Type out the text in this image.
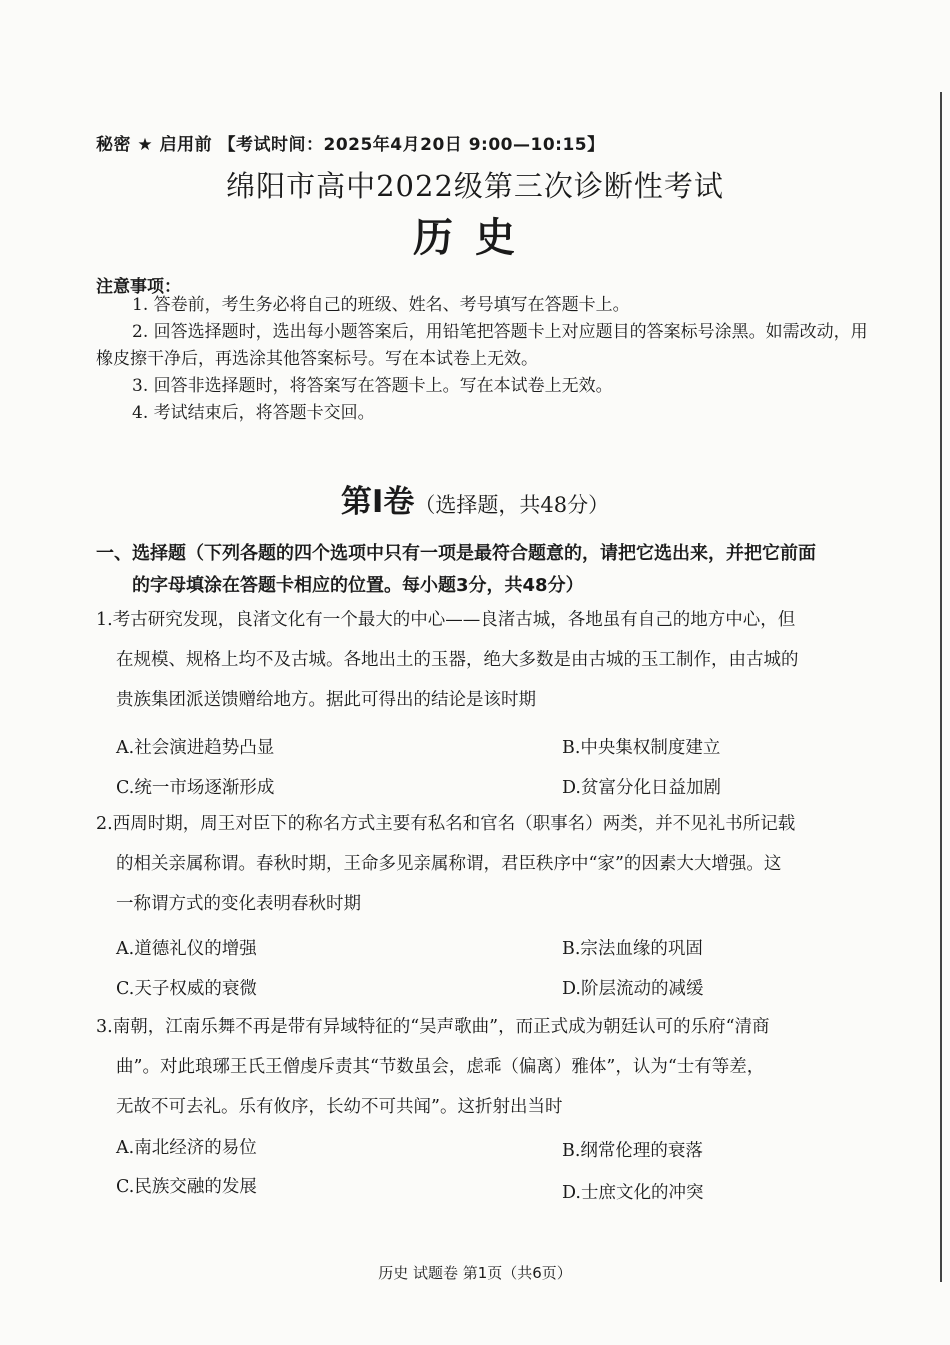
秘密 ★ 启用前 【考试时间：2025年4月20日 9:00—10:15】
绵阳市高中2022级第三次诊断性考试
历史
注意事项：

1. 答卷前，考生务必将自己的班级、姓名、考号填写在答题卡上。

2. 回答选择题时，选出每小题答案后，用铅笔把答题卡上对应题目的答案标号涂黑。如需改动，用橡皮擦干净后，再选涂其他答案标号。写在本试卷上无效。

3. 回答非选择题时，将答案写在答题卡上。写在本试卷上无效。

4. 考试结束后，将答题卡交回。

第Ⅰ卷（选择题，共48分）
一、选择题（下列各题的四个选项中只有一项是最符合题意的，请把它选出来，并把它前面
的字母填涂在答题卡相应的位置。每小题3分，共48分）
1.考古研究发现，良渚文化有一个最大的中心——良渚古城，各地虽有自己的地方中心，但
在规模、规格上均不及古城。各地出土的玉器，绝大多数是由古城的玉工制作，由古城的
贵族集团派送馈赠给地方。据此可得出的结论是该时期
A.社会演进趋势凸显	B.中央集权制度建立
C.统一市场逐渐形成	D.贫富分化日益加剧
2.西周时期，周王对臣下的称名方式主要有私名和官名（职事名）两类，并不见礼书所记载
的相关亲属称谓。春秋时期，王命多见亲属称谓，君臣秩序中“家”的因素大大增强。这
一称谓方式的变化表明春秋时期
A.道德礼仪的增强	B.宗法血缘的巩固
C.天子权威的衰微	D.阶层流动的减缓
3.南朝，江南乐舞不再是带有异域特征的“吴声歌曲”，而正式成为朝廷认可的乐府“清商
曲”。对此琅琊王氏王僧虔斥责其“节数虽会，虑乖（偏离）雅体”，认为“士有等差，
无故不可去礼。乐有攸序，长幼不可共闻”。这折射出当时
A.南北经济的易位	B.纲常伦理的衰落
C.民族交融的发展	D.士庶文化的冲突
历史 试题卷 第1页（共6页）
